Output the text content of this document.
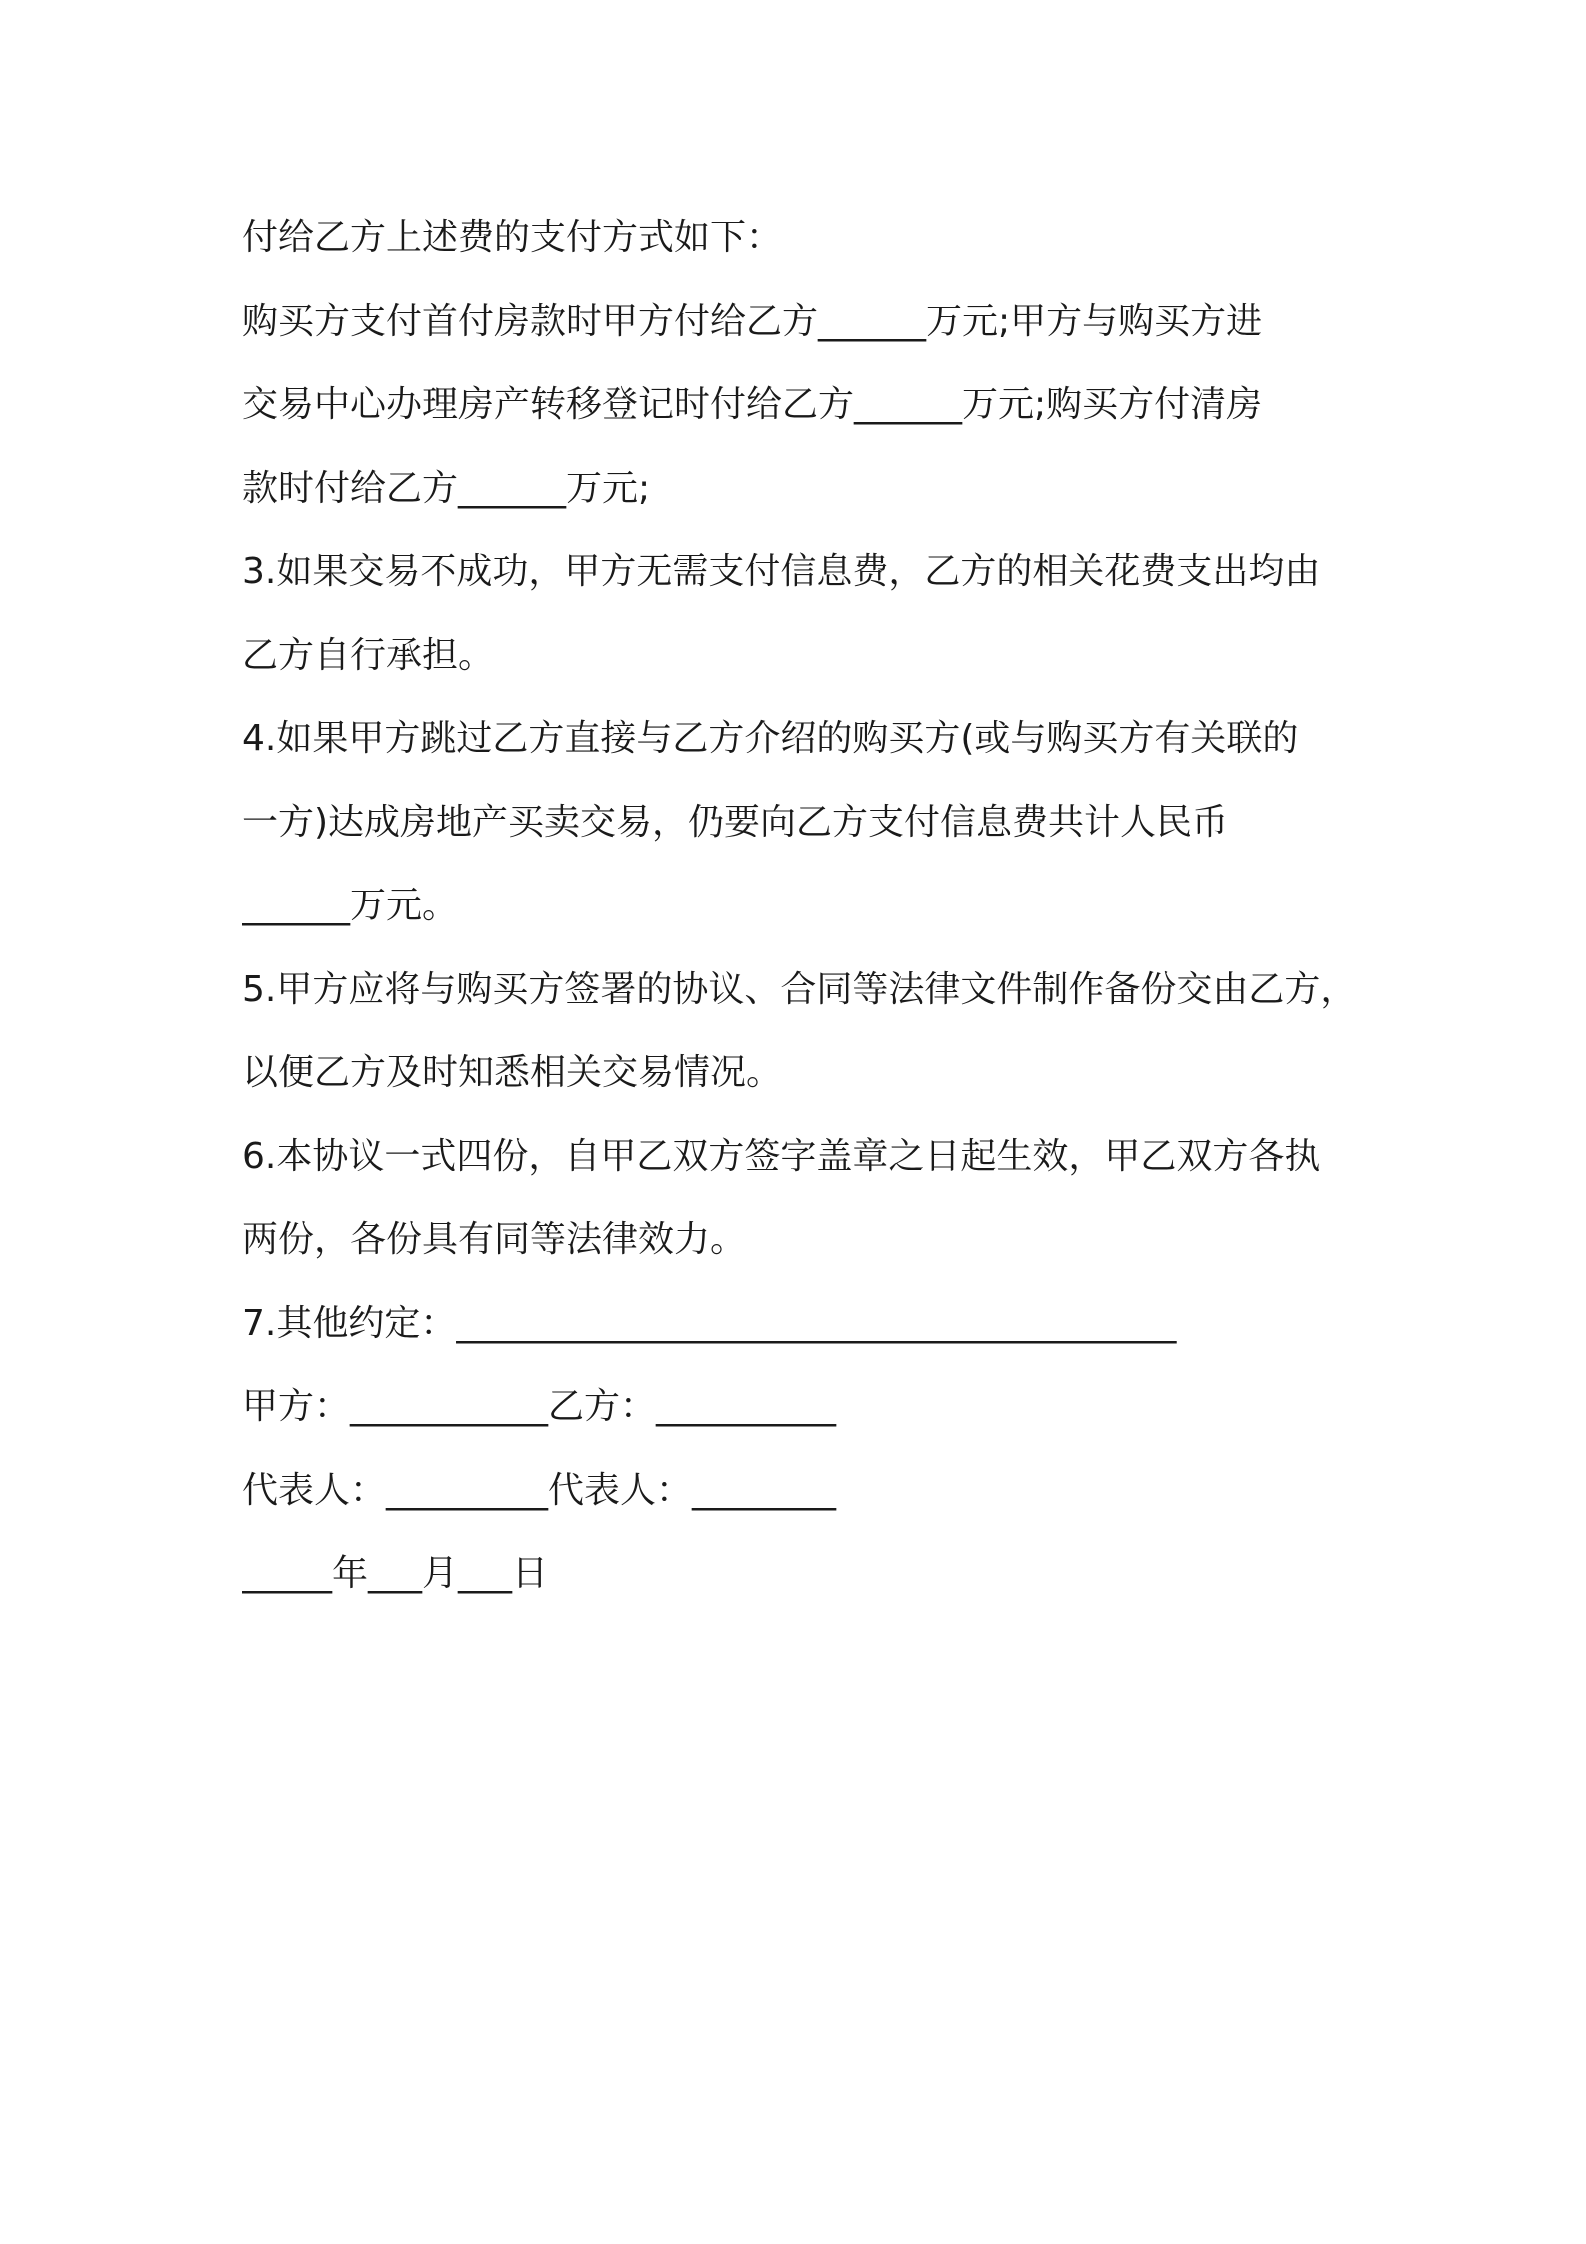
付给乙方上述费的支付方式如下：
购买方支付首付房款时甲方付给乙方______万元;甲方与购买方进
交易中心办理房产转移登记时付给乙方______万元;购买方付清房
款时付给乙方______万元;
3.如果交易不成功，甲方无需支付信息费，乙方的相关花费支出均由
乙方自行承担。
4.如果甲方跳过乙方直接与乙方介绍的购买方(或与购买方有关联的
一方)达成房地产买卖交易，仍要向乙方支付信息费共计人民币
______万元。
5.甲方应将与购买方签署的协议、合同等法律文件制作备份交由乙方，
以便乙方及时知悉相关交易情况。
6.本协议一式四份，自甲乙双方签字盖章之日起生效，甲乙双方各执
两份，各份具有同等法律效力。
7.其他约定：________________________________________
甲方：___________乙方：__________
代表人：_________代表人：________
_____年___月___日
